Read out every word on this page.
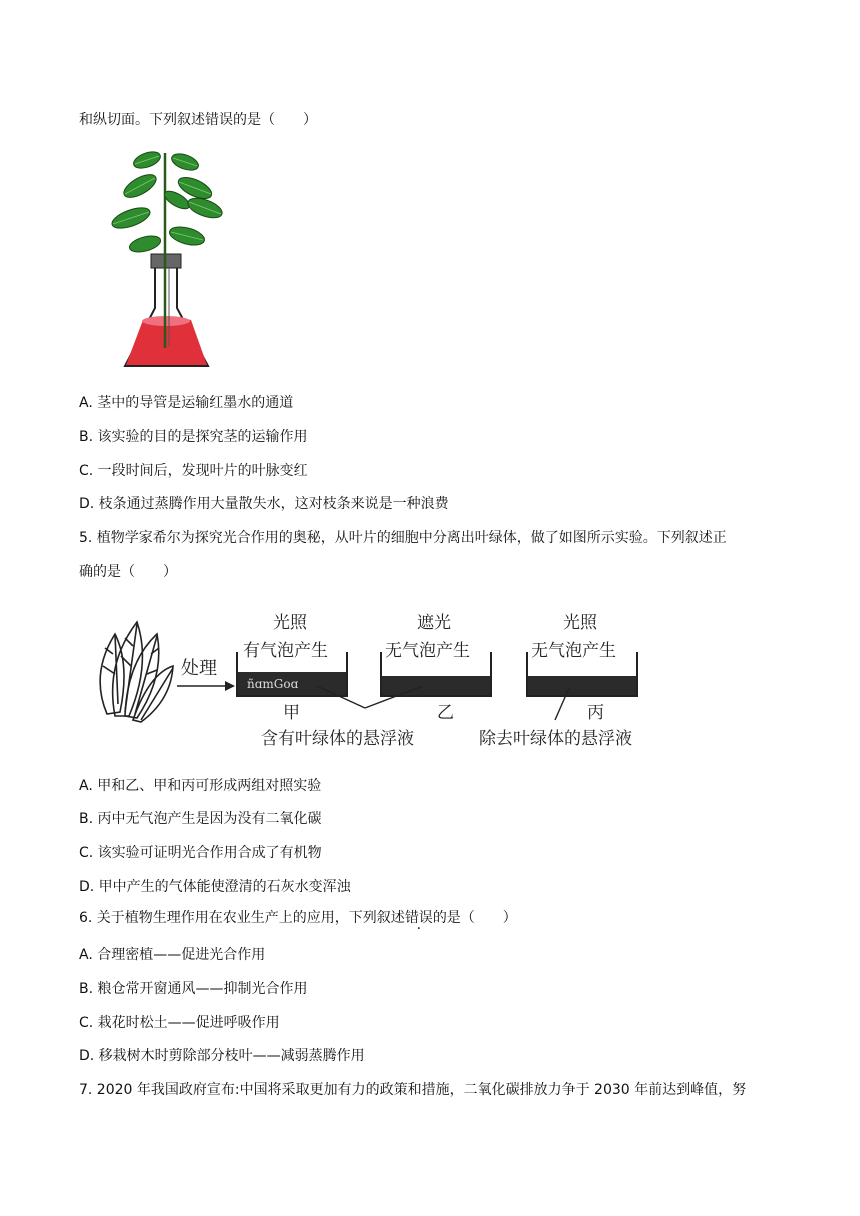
和纵切面。下列叙述错误的是（　　）
A. 茎中的导管是运输红墨水的通道
B. 该实验的目的是探究茎的运输作用
C. 一段时间后，发现叶片的叶脉变红
D. 枝条通过蒸腾作用大量散失水，这对枝条来说是一种浪费
5. 植物学家希尔为探究光合作用的奥秘，从叶片的细胞中分离出叶绿体，做了如图所示实验。下列叙述正
确的是（　　）
处理
ñɑmGoɑ
光照
有气泡产生
甲
遮光
无气泡产生
乙
光照
无气泡产生
丙
含有叶绿体的悬浮液	除去叶绿体的悬浮液
A. 甲和乙、甲和丙可形成两组对照实验
B. 丙中无气泡产生是因为没有二氧化碳
C. 该实验可证明光合作用合成了有机物
D. 甲中产生的气体能使澄清的石灰水变浑浊
6. 关于植物生理作用在农业生产上的应用，下列叙述错误的是（　　）
A. 合理密植——促进光合作用
B. 粮仓常开窗通风——抑制光合作用
C. 栽花时松土——促进呼吸作用
D. 移栽树木时剪除部分枝叶——减弱蒸腾作用
7. 2020 年我国政府宣布:中国将采取更加有力的政策和措施，二氧化碳排放力争于 2030 年前达到峰值，努
